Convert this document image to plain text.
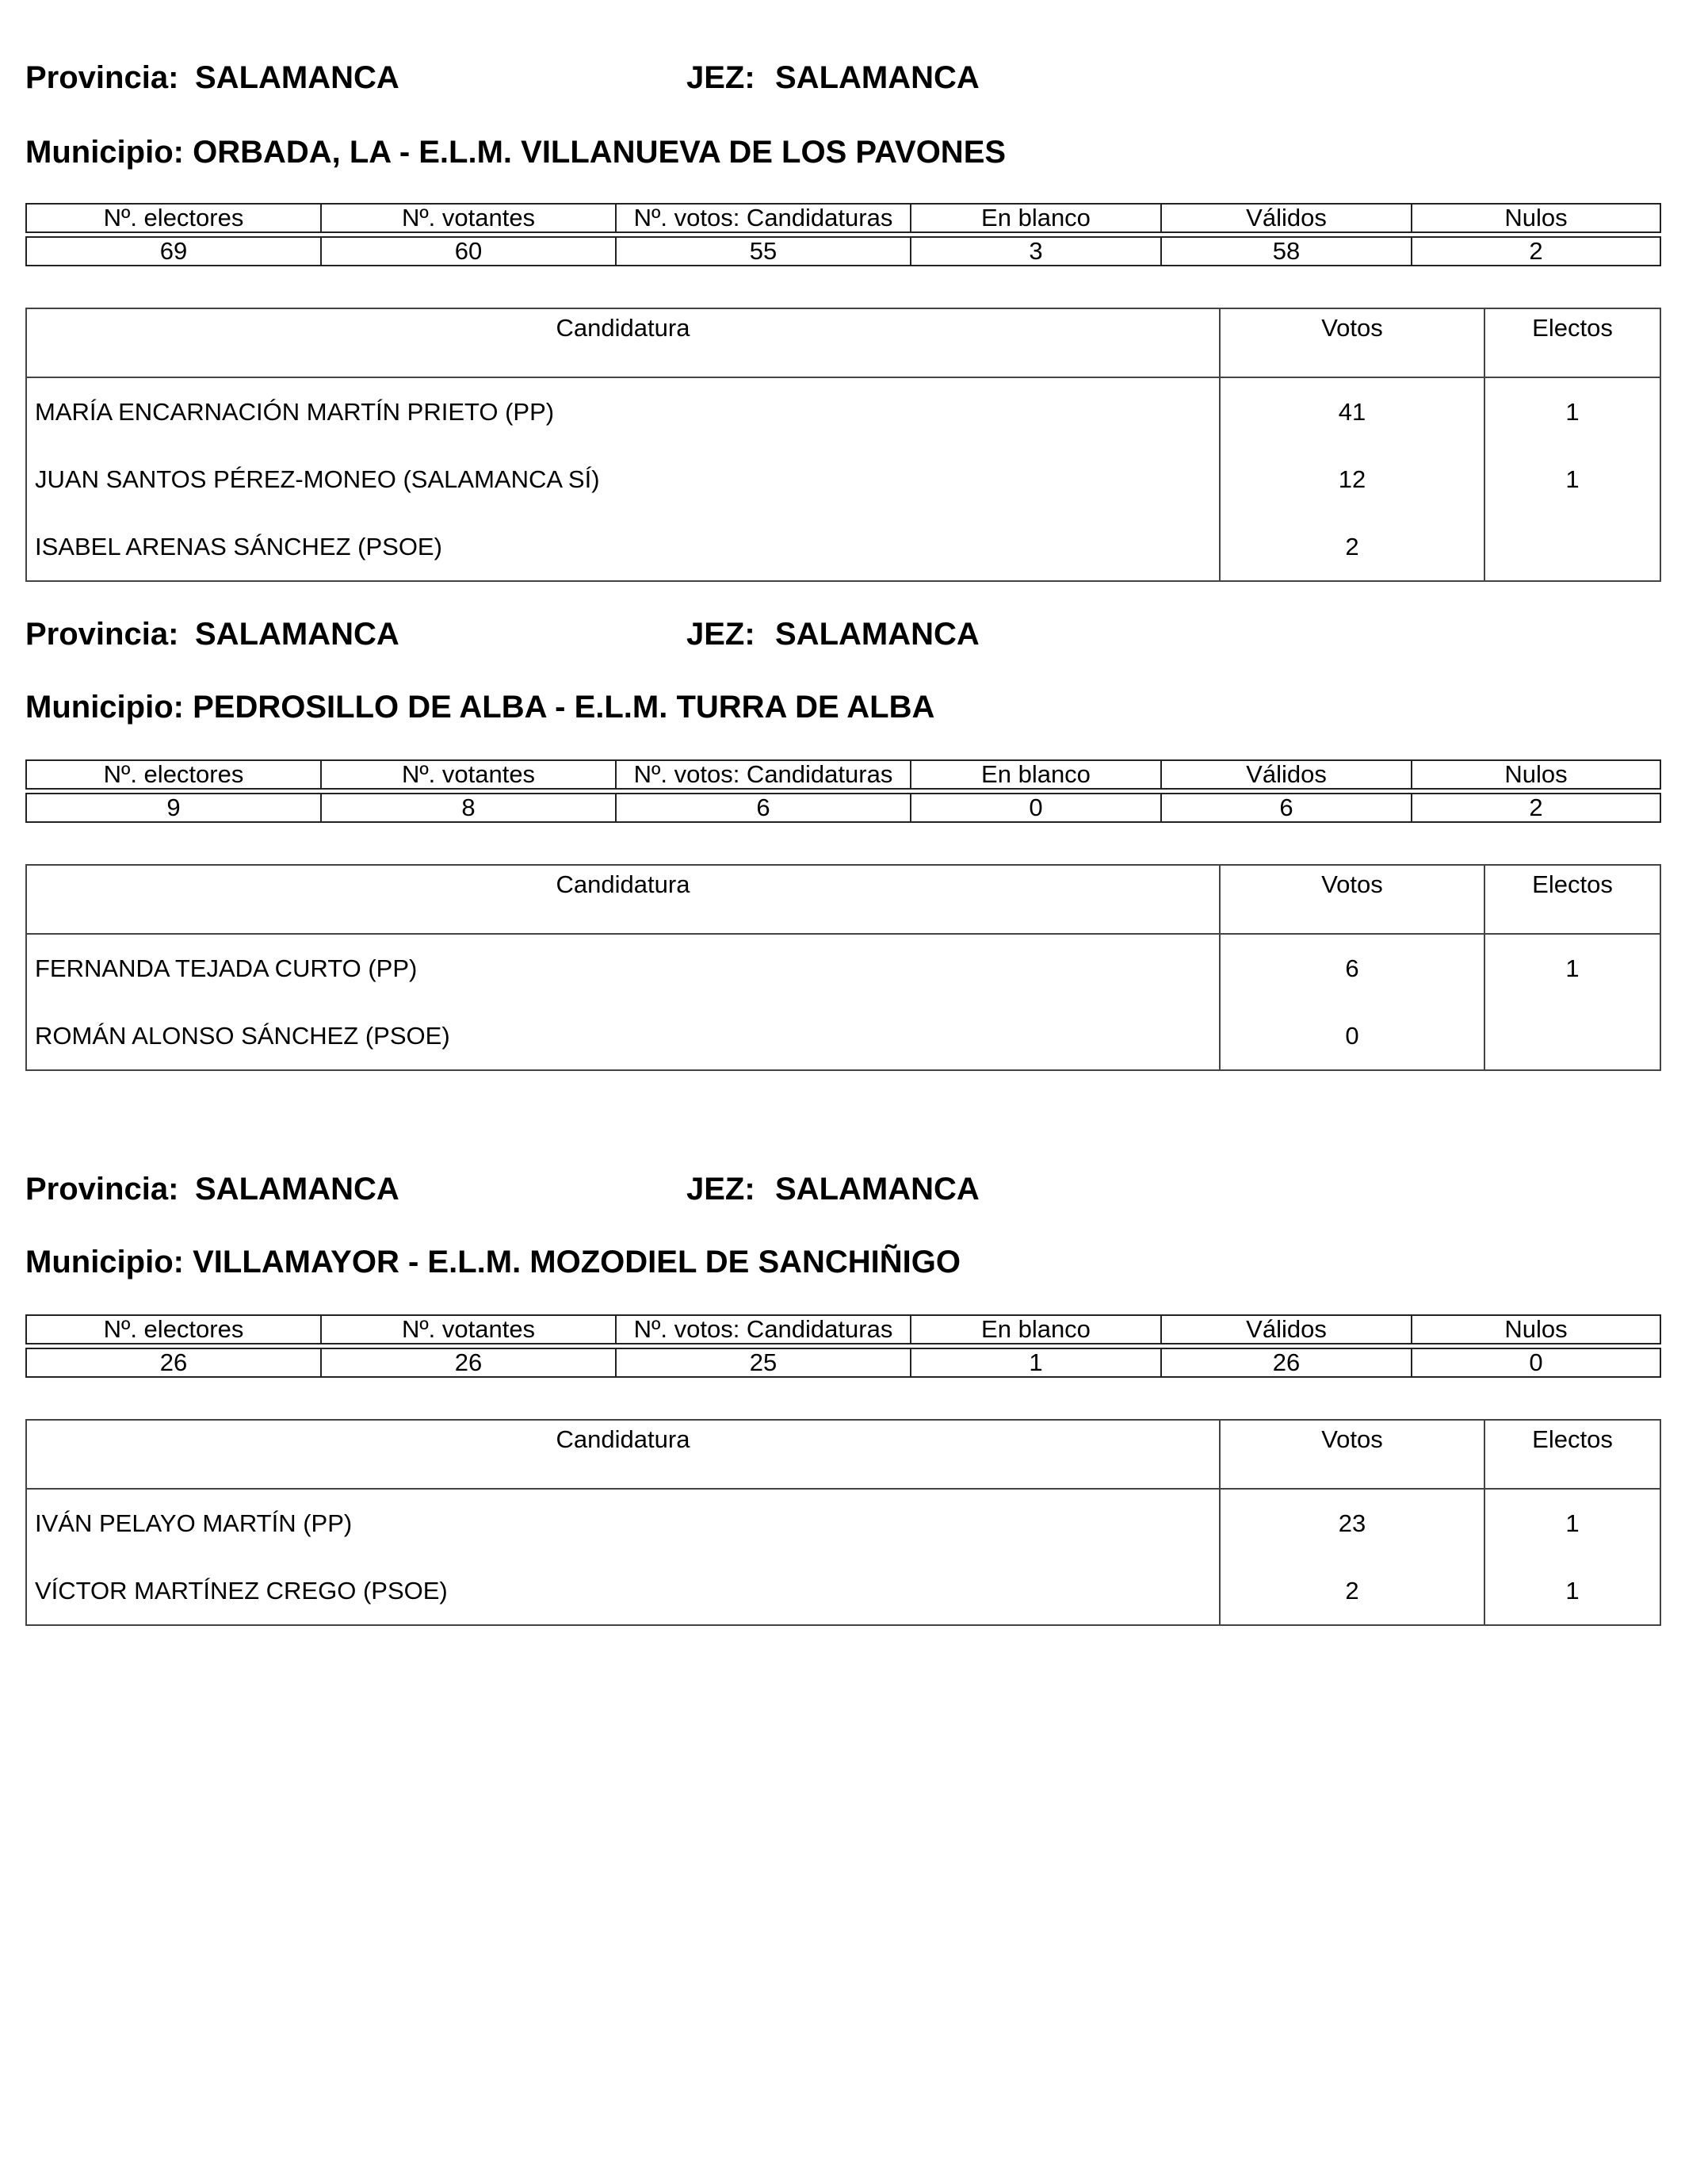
Provincia: SALAMANCA	JEZ: SALAMANCA
Municipio: ORBADA, LA - E.L.M. VILLANUEVA DE LOS PAVONES
Nº. electores	Nº. votantes	Nº. votos: Candidaturas	En blanco	Válidos	Nulos

69	60	55	3	58	2
Candidatura	Votos	Electos
MARÍA ENCARNACIÓN MARTÍN PRIETO (PP)	41	1
JUAN SANTOS PÉREZ-MONEO (SALAMANCA SÍ)	12	1
ISABEL ARENAS SÁNCHEZ (PSOE)	2	
Provincia: SALAMANCA	JEZ: SALAMANCA
Municipio: PEDROSILLO DE ALBA - E.L.M. TURRA DE ALBA
Nº. electores	Nº. votantes	Nº. votos: Candidaturas	En blanco	Válidos	Nulos

9	8	6	0	6	2
Candidatura	Votos	Electos
FERNANDA TEJADA CURTO (PP)	6	1
ROMÁN ALONSO SÁNCHEZ (PSOE)	0	
Provincia: SALAMANCA	JEZ: SALAMANCA
Municipio: VILLAMAYOR - E.L.M. MOZODIEL DE SANCHIÑIGO
Nº. electores	Nº. votantes	Nº. votos: Candidaturas	En blanco	Válidos	Nulos

26	26	25	1	26	0
Candidatura	Votos	Electos
IVÁN PELAYO MARTÍN (PP)	23	1
VÍCTOR MARTÍNEZ CREGO (PSOE)	2	1
